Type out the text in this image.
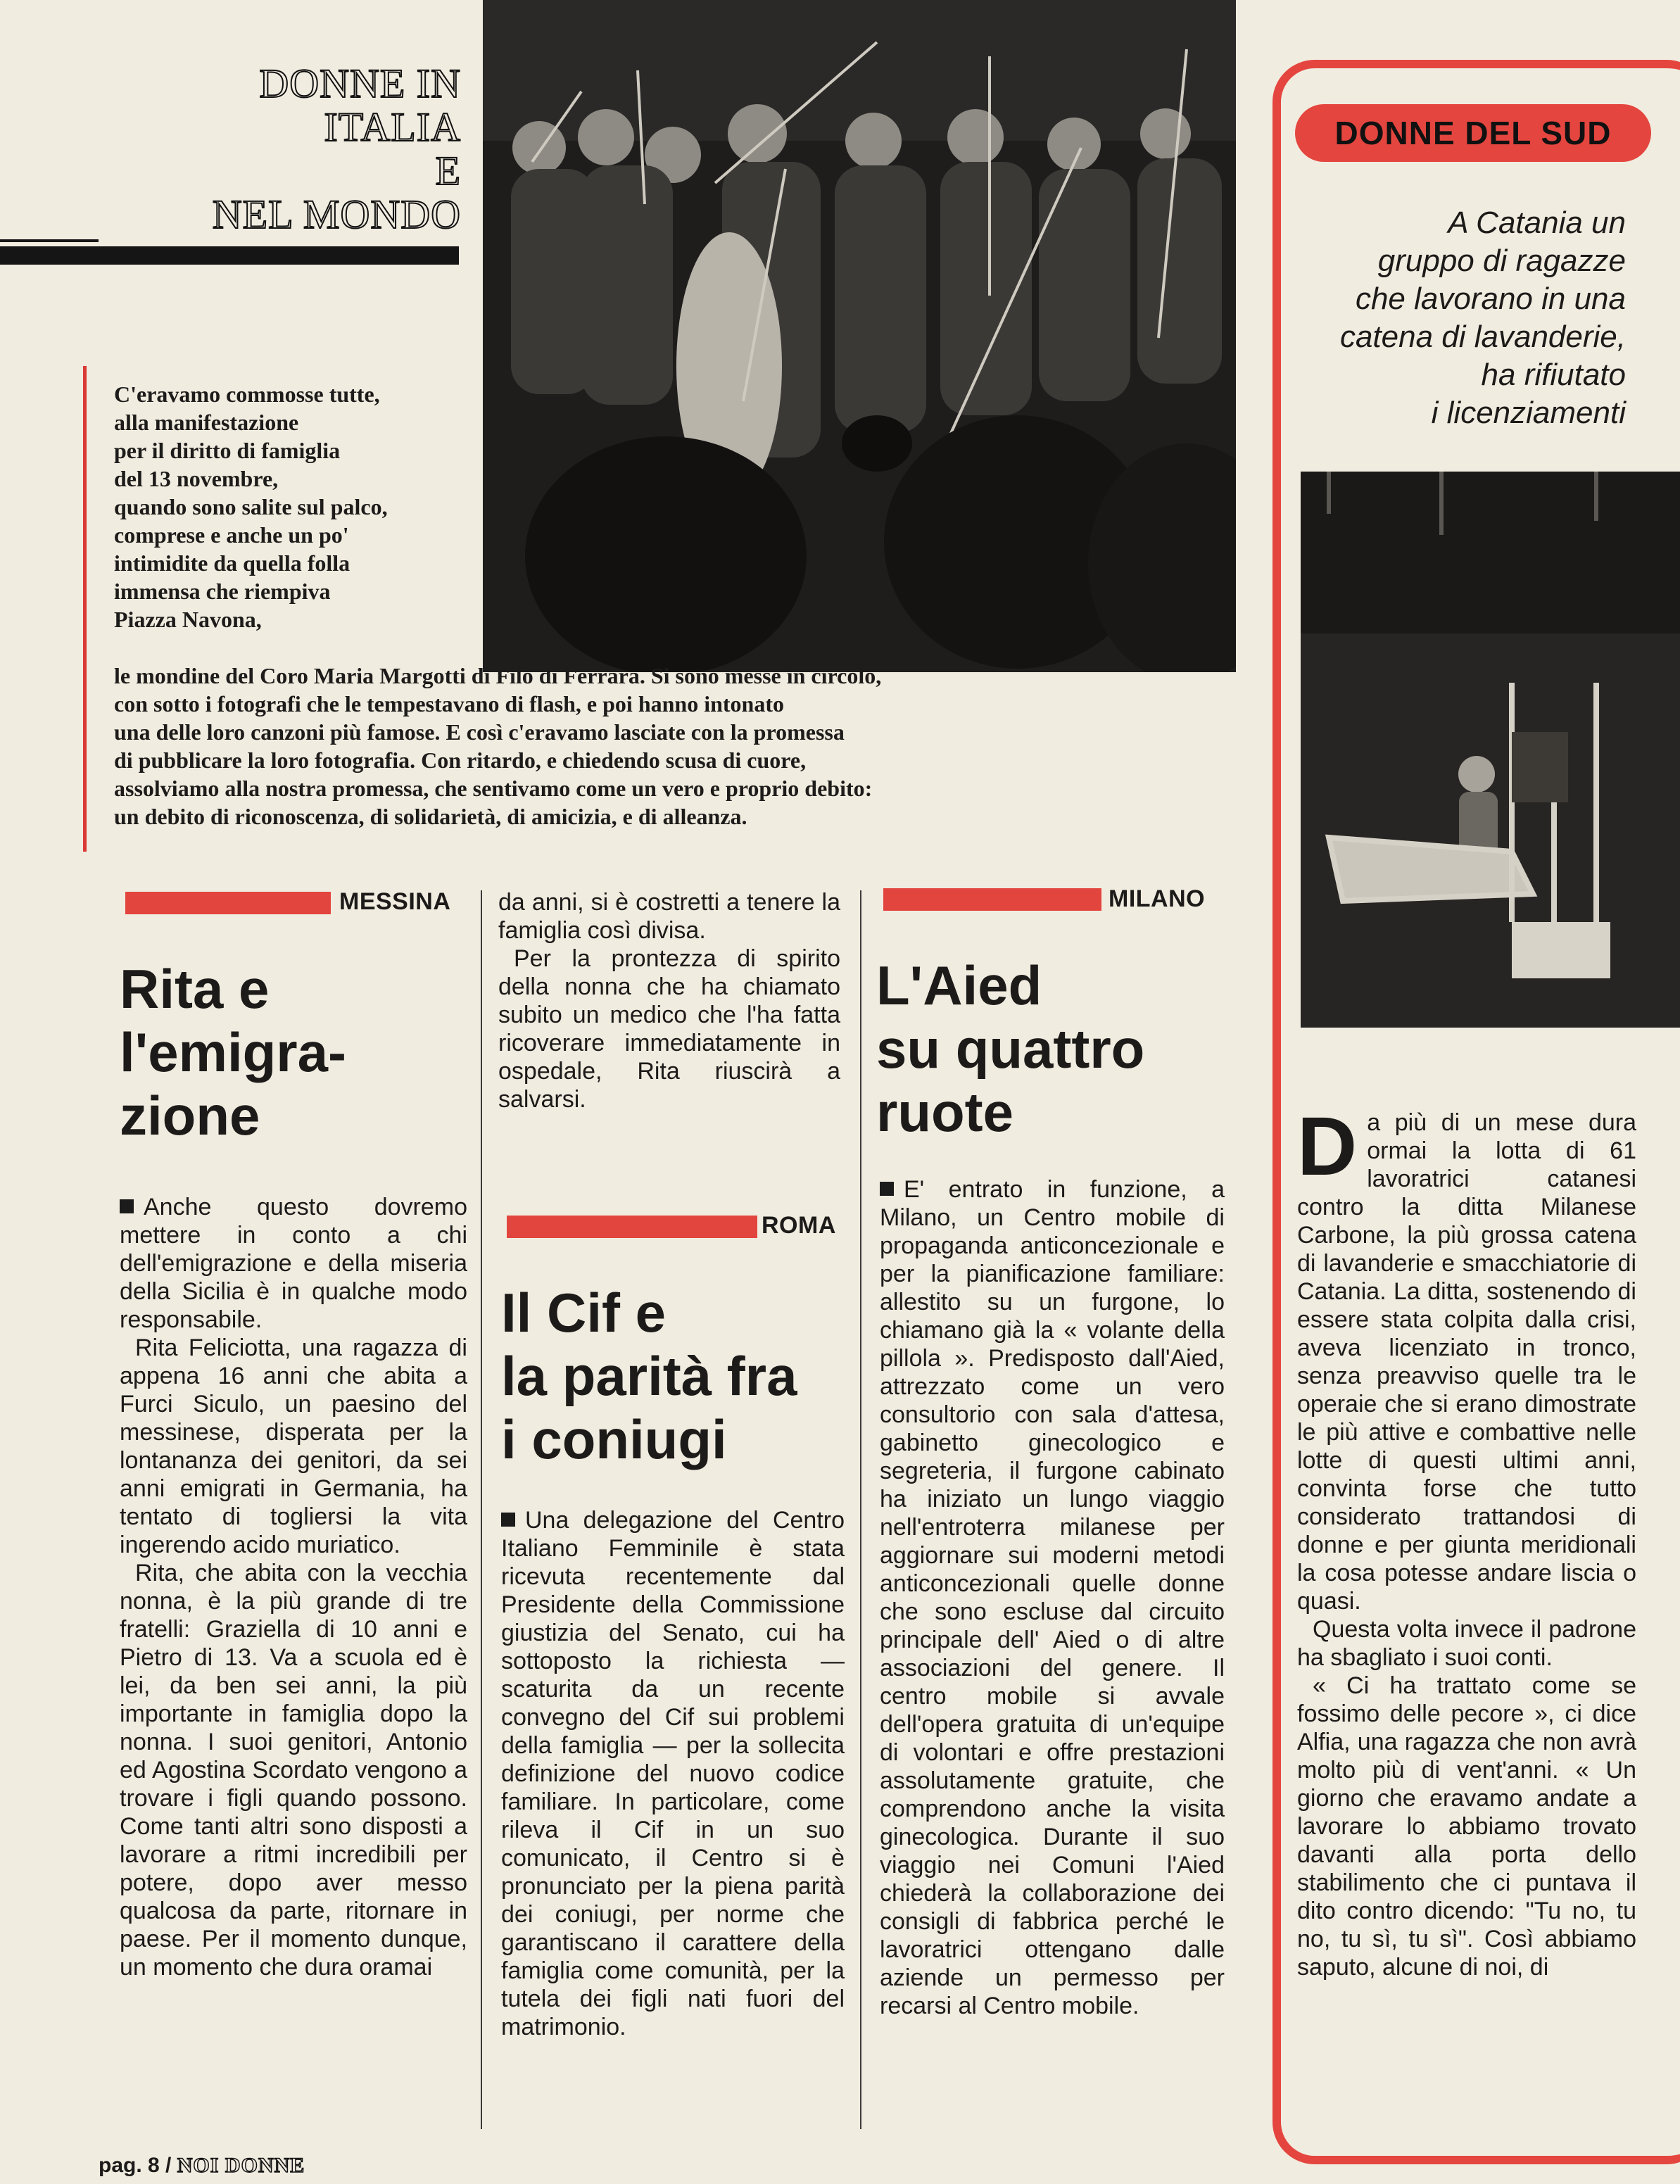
DONNE IN ITALIA
E
NEL MONDO

C'eravamo commosse tutte,

alla manifestazione

per il diritto di famiglia

del 13 novembre,

quando sono salite sul palco,

comprese e anche un po'

intimidite da quella folla

immensa che riempiva

Piazza Navona,

le mondine del Coro Maria Margotti di Filo di Ferrara. Si sono messe in circolo,

con sotto i fotografi che le tempestavano di flash, e poi hanno intonato

una delle loro canzoni più famose. E così c'eravamo lasciate con la promessa

di pubblicare la loro fotografia. Con ritardo, e chiedendo scusa di cuore,

assolviamo alla nostra promessa, che sentivamo come un vero e proprio debito:

un debito di riconoscenza, di solidarietà, di amicizia, e di alleanza.

MESSINA

Rita e

l'emigra-

zione

Anche questo dovremo mettere in conto a chi dell'emigrazione e della miseria della Sicilia è in qualche modo responsabile.

Rita Feliciotta, una ragazza di appena 16 anni che abita a Furci Siculo, un paesino del messinese, disperata per la lontananza dei genitori, da sei anni emigrati in Germania, ha tentato di togliersi la vita ingerendo acido muriatico.

Rita, che abita con la vecchia nonna, è la più grande di tre fratelli: Graziella di 10 anni e Pietro di 13. Va a scuola ed è lei, da ben sei anni, la più importante in famiglia dopo la nonna. I suoi genitori, Antonio ed Agostina Scordato vengono a trovare i figli quando possono. Come tanti altri sono disposti a lavorare a ritmi incredibili per potere, dopo aver messo qualcosa da parte, ritornare in paese. Per il momento dunque, un momento che dura oramai

da anni, si è costretti a tenere la famiglia così divisa.

Per la prontezza di spirito della nonna che ha chiamato subito un medico che l'ha fatta ricoverare immediatamente in ospedale, Rita riuscirà a salvarsi.

ROMA

Il Cif e

la parità fra

i coniugi

Una delegazione del Centro Italiano Femminile è stata ricevuta recentemente dal Presidente della Commissione giustizia del Senato, cui ha sottoposto la richiesta — scaturita da un recente convegno del Cif sui problemi della famiglia — per la sollecita definizione del nuovo codice familiare. In particolare, come rileva il Cif in un suo comunicato, il Centro si è pronunciato per la piena parità dei coniugi, per norme che garantiscano il carattere della famiglia come comunità, per la tutela dei figli nati fuori del matrimonio.

MILANO

L'Aied

su quattro

ruote

E' entrato in funzione, a Milano, un Centro mobile di propaganda anticoncezionale e per la pianificazione familiare: allestito su un furgone, lo chiamano già la « volante della pillola ». Predisposto dall'Aied, attrezzato come un vero consultorio con sala d'attesa, gabinetto ginecologico e segreteria, il furgone cabinato ha iniziato un lungo viaggio nell'entroterra milanese per aggiornare sui moderni metodi anticoncezionali quelle donne che sono escluse dal circuito principale dell' Aied o di altre associazioni del genere. Il centro mobile si avvale dell'opera gratuita di un'equipe di volontari e offre prestazioni assolutamente gratuite, che comprendono anche la visita ginecologica. Durante il suo viaggio nei Comuni l'Aied chiederà la collaborazione dei consigli di fabbrica perché le lavoratrici ottengano dalle aziende un permesso per recarsi al Centro mobile.

DONNE DEL SUD
A Catania un
gruppo di ragazze
che lavorano in una
catena di lavanderie,
ha rifiutato
i licenziamenti

Da più di un mese dura ormai la lotta di 61 lavoratrici catanesi contro la ditta Milanese Carbone, la più grossa catena di lavanderie e smacchiatorie di Catania. La ditta, sostenendo di essere stata colpita dalla crisi, aveva licenziato in tronco, senza preavviso quelle tra le operaie che si erano dimostrate le più attive e combattive nelle lotte di questi ultimi anni, convinta forse che tutto considerato trattandosi di donne e per giunta meridionali la cosa potesse andare liscia o quasi.

Questa volta invece il padrone ha sbagliato i suoi conti.

« Ci ha trattato come se fossimo delle pecore », ci dice Alfia, una ragazza che non avrà molto più di vent'anni. « Un giorno che eravamo andate a lavorare lo abbiamo trovato davanti alla porta dello stabilimento che ci puntava il dito contro dicendo: "Tu no, tu no, tu sì, tu sì". Così abbiamo saputo, alcune di noi, di

pag. 8 / NOI DONNE
